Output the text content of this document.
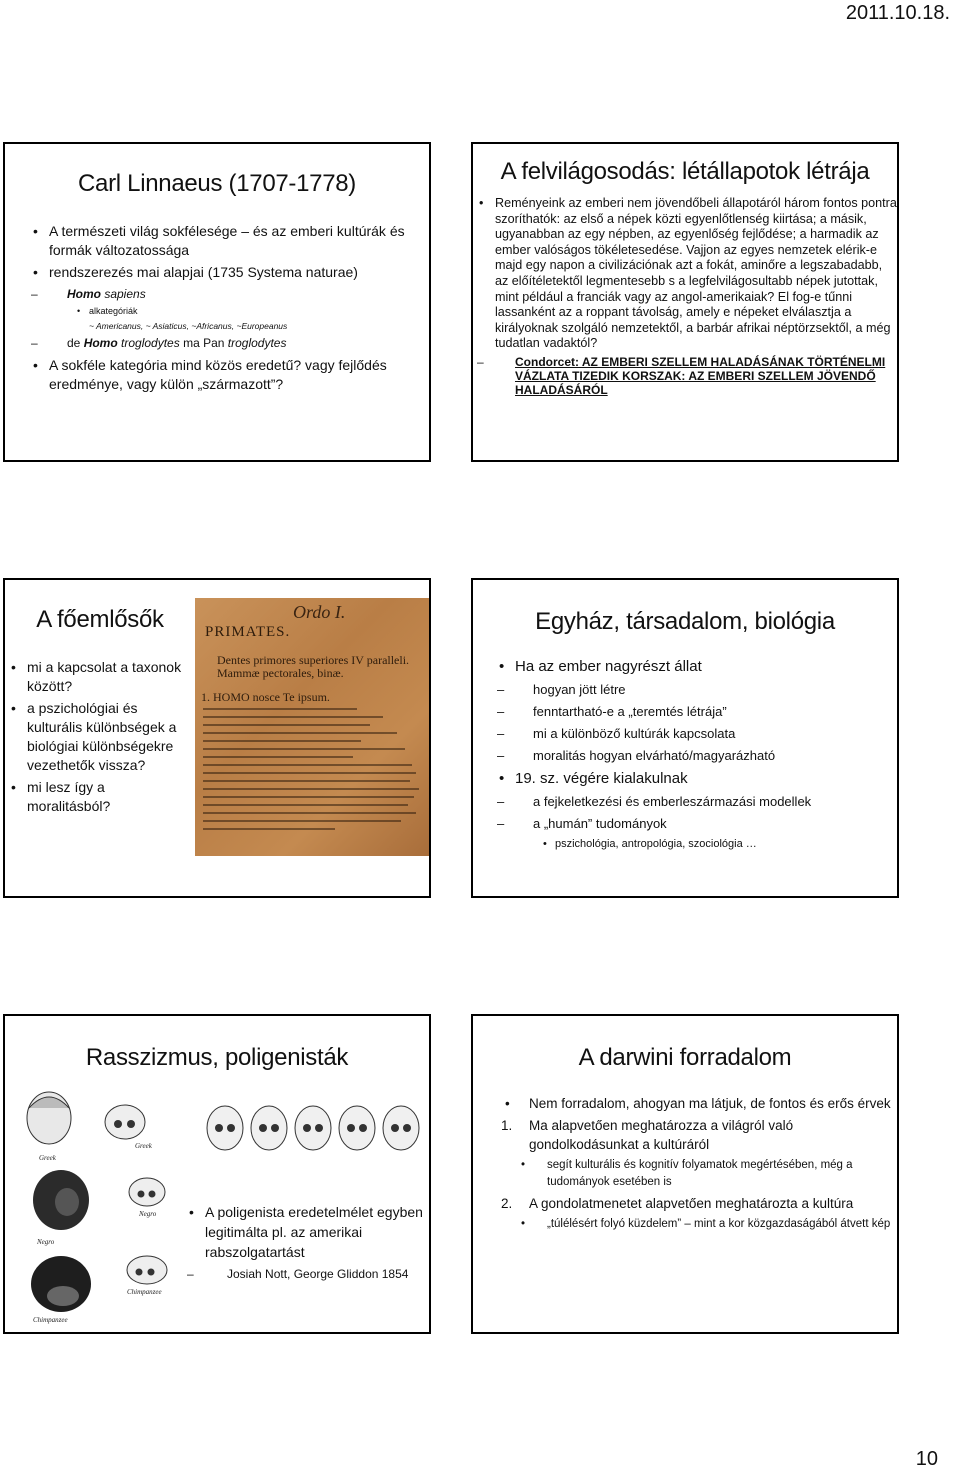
2011.10.18.
Carl Linnaeus (1707-1778)
• A természeti világ sokfélesége – és az emberi kultúrák és formák változatossága
• rendszerezés mai alapjai (1735 Systema naturae)
– Homo sapiens
• alkategóriák
~ Americanus, ~ Asiaticus, ~Africanus, ~Europeanus
– de Homo troglodytes ma Pan troglodytes
• A sokféle kategória mind közös eredetű? vagy fejlődés eredménye, vagy külön „származott”?
A felvilágosodás: létállapotok létrája
• Reményeink az emberi nem jövendőbeli állapotáról három fontos pontra szoríthatók: az első a népek közti egyenlőtlenség kiirtása; a másik, ugyanabban az egy népben, az egyenlőség fejlődése; a harmadik az ember valóságos tökéletesedése. Vajjon az egyes nemzetek elérik-e majd egy napon a civilizációnak azt a fokát, aminőre a legszabadabb, az előítéletektől legmentesebb s a legfelvilágosultabb népek jutottak, mint például a franciák vagy az angol-amerikaiak? El fog-e tűnni lassanként az a roppant távolság, amely e népeket elválasztja a királyoknak szolgáló nemzetektől, a barbár afrikai néptörzsektől, a még tudatlan vadaktól?
– Condorcet: AZ EMBERI SZELLEM HALADÁSÁNAK TÖRTÉNELMI VÁZLATA TIZEDIK KORSZAK: AZ EMBERI SZELLEM JÖVENDŐ HALADÁSÁRÓL
A főemlősők
• mi a kapcsolat a taxonok között?
• a pszichológiai és kulturális különbségek a biológiai különbségekre vezethetők vissza?
• mi lesz így a moralitásból?
Ordo I.
PRIMATES.
Dentes primores superiores IV paralleli. Mammæ pectorales, binæ.
1. HOMO nosce Te ipsum.
Egyház, társadalom, biológia
• Ha az ember nagyrészt állat
– hogyan jött létre
– fenntartható-e a „teremtés létrája”
– mi a különböző kultúrák kapcsolata
– moralitás hogyan elvárható/magyarázható
• 19. sz. végére kialakulnak
– a fejkeletkezési és emberleszármazási modellek
– a „humán” tudományok
• pszichológia, antropológia, szociológia …
Rasszizmus, poligenisták
Greek
Greek
Negro
Negro
Chimpanzee
Chimpanzee
• A poligenista eredetelmélet egyben legitimálta pl. az amerikai rabszolgatartást
– Josiah Nott, George Gliddon 1854
A darwini forradalom
• Nem forradalom, ahogyan ma látjuk, de fontos és erős érvek
1. Ma alapvetően meghatározza a világról való gondolkodásunkat a kultúráról
• segít kulturális és kognitív folyamatok megértésében, még a tudományok esetében is
2. A gondolatmenetet alapvetően meghatározta a kultúra
• „túlélésért folyó küzdelem” – mint a kor közgazdaságából átvett kép
10
